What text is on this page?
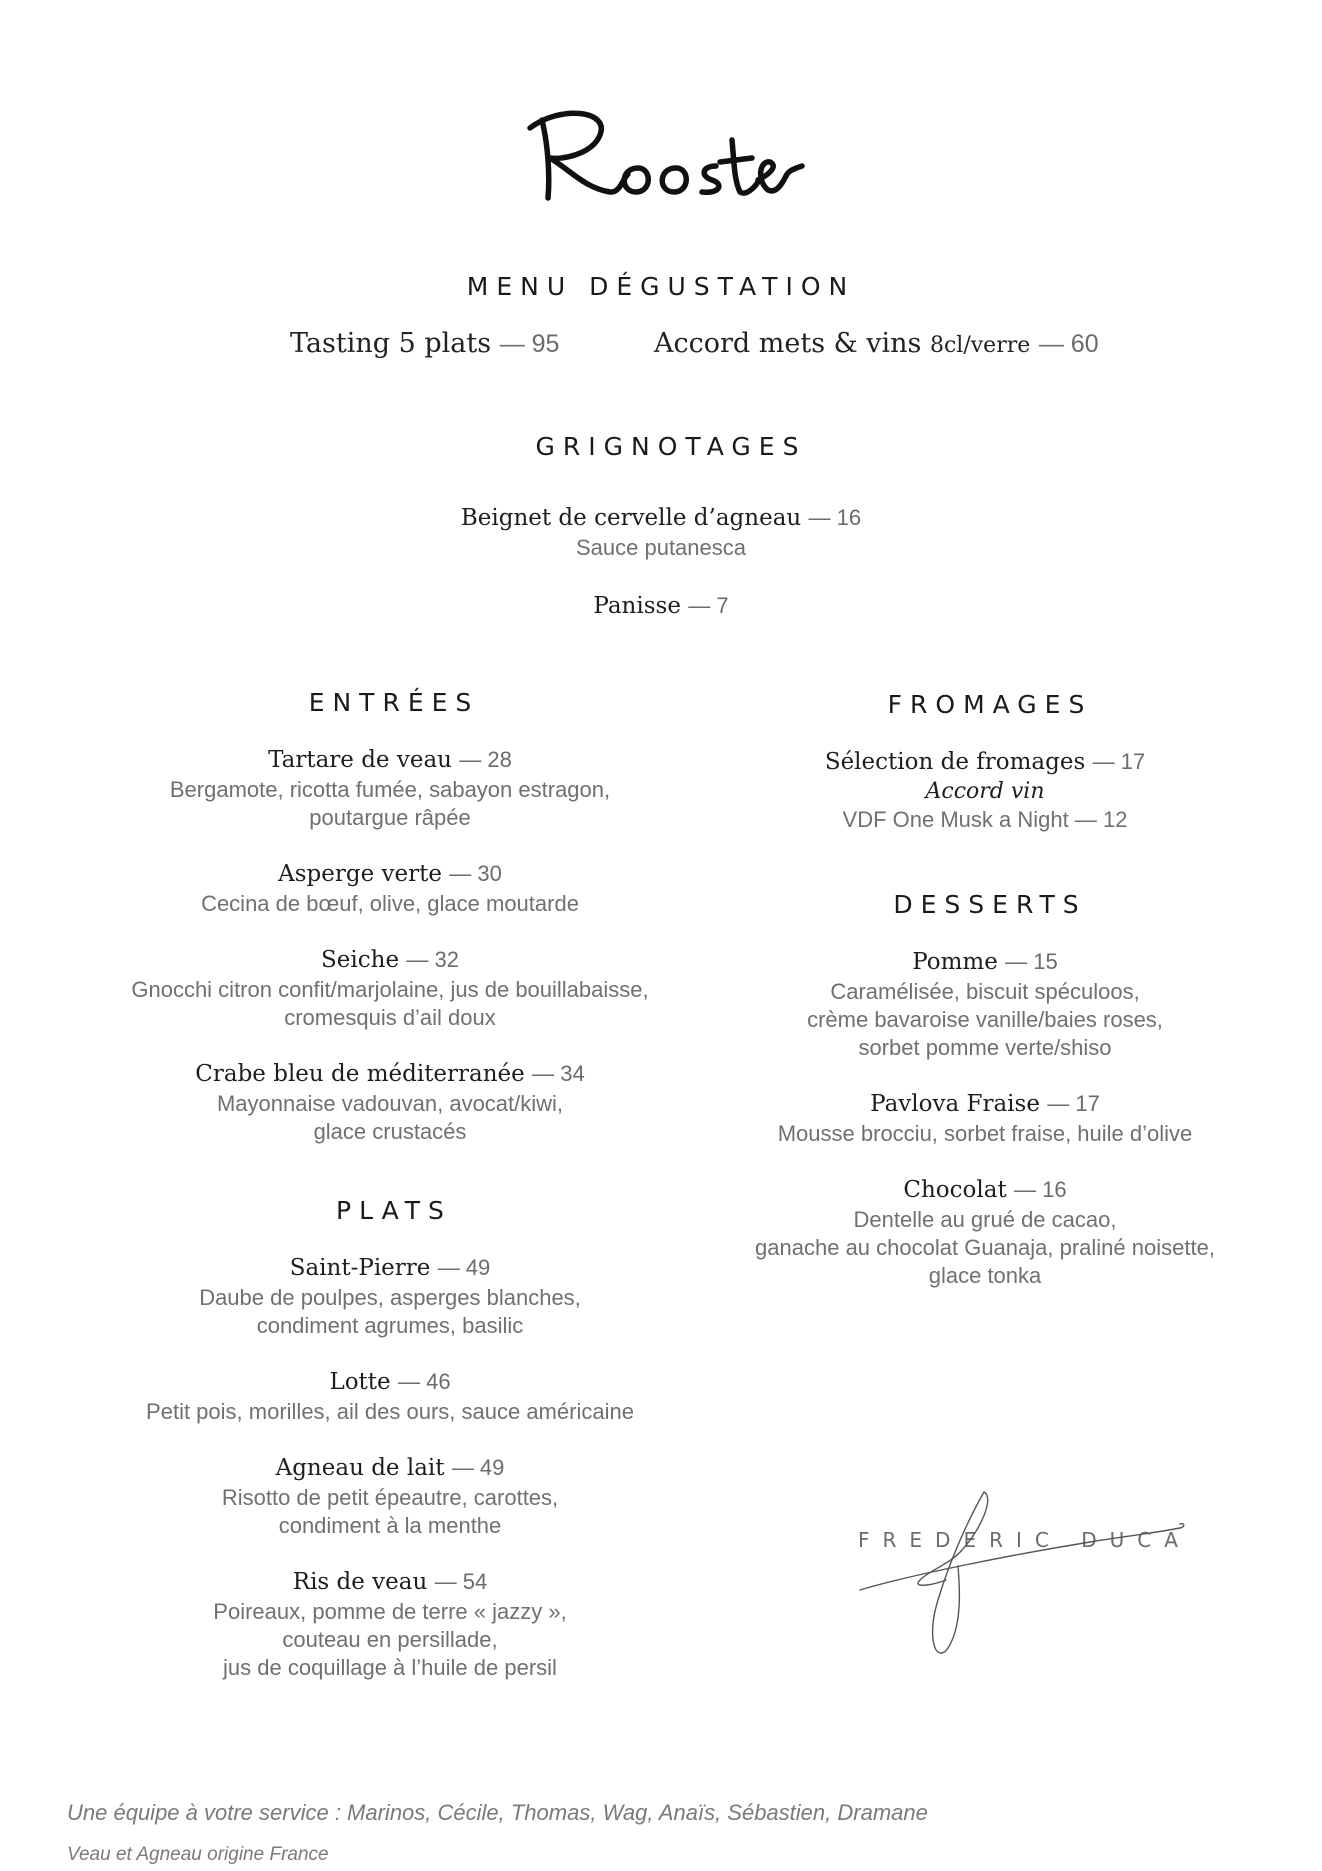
MENU DÉGUSTATION
Tasting 5 plats — 95	Accord mets & vins 8cl/verre — 60
GRIGNOTAGES
Beignet de cervelle d’agneau — 16
Sauce putanesca
Panisse — 7
ENTRÉES
Tartare de veau — 28
Bergamote, ricotta fumée, sabayon estragon,
poutargue râpée
Asperge verte — 30
Cecina de bœuf, olive, glace moutarde
Seiche — 32
Gnocchi citron confit/marjolaine, jus de bouillabaisse,
cromesquis d’ail doux
Crabe bleu de méditerranée — 34
Mayonnaise vadouvan, avocat/kiwi,
glace crustacés
PLATS
Saint-Pierre — 49
Daube de poulpes, asperges blanches,
condiment agrumes, basilic
Lotte — 46
Petit pois, morilles, ail des ours, sauce américaine
Agneau de lait — 49
Risotto de petit épeautre, carottes,
condiment à la menthe
Ris de veau — 54
Poireaux, pomme de terre « jazzy »,
couteau en persillade,
jus de coquillage à l’huile de persil
FROMAGES
Sélection de fromages — 17
Accord vin
VDF One Musk a Night — 12
DESSERTS
Pomme — 15
Caramélisée, biscuit spéculoos,
crème bavaroise vanille/baies roses,
sorbet pomme verte/shiso
Pavlova Fraise — 17
Mousse brocciu, sorbet fraise, huile d’olive
Chocolat — 16
Dentelle au grué de cacao,
ganache au chocolat Guanaja, praliné noisette,
glace tonka
FREDERIC DUCA
Une équipe à votre service : Marinos, Cécile, Thomas, Wag, Anaïs, Sébastien, Dramane
Veau et Agneau origine France
